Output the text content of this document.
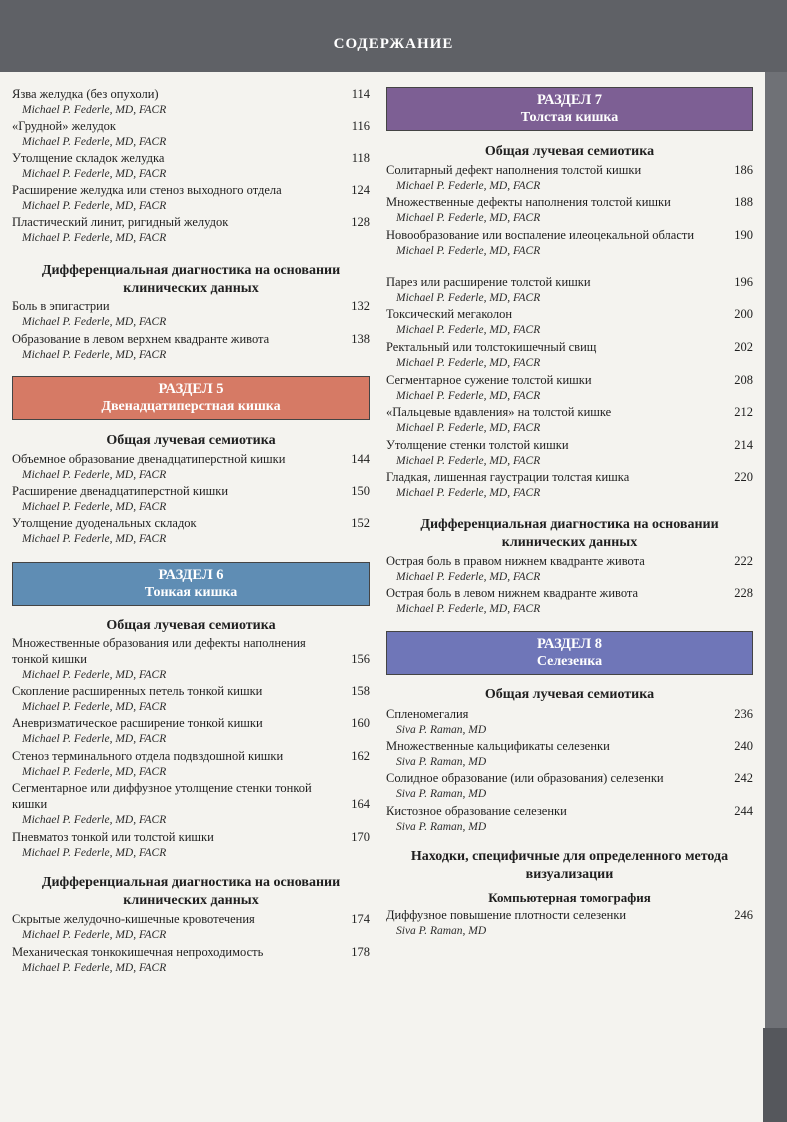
СОДЕРЖАНИЕ
Язва желудка (без опухоли)	114
Michael P. Federle, MD, FACR
«Грудной» желудок	116
Michael P. Federle, MD, FACR
Утолщение складок желудка	118
Michael P. Federle, MD, FACR
Расширение желудка или стеноз выходного отдела	124
Michael P. Federle, MD, FACR
Пластический линит, ригидный желудок	128
Michael P. Federle, MD, FACR
Дифференциальная диагностика на основании клинических данных
Боль в эпигастрии	132
Michael P. Federle, MD, FACR
Образование в левом верхнем квадранте живота	138
Michael P. Federle, MD, FACR
РАЗДЕЛ 5
Двенадцатиперстная кишка
Общая лучевая семиотика
Объемное образование двенадцатиперстной кишки	144
Michael P. Federle, MD, FACR
Расширение двенадцатиперстной кишки	150
Michael P. Federle, MD, FACR
Утолщение дуоденальных складок	152
Michael P. Federle, MD, FACR
РАЗДЕЛ 6
Тонкая кишка
Общая лучевая семиотика
Множественные образования или дефекты наполнения тонкой кишки	156
Michael P. Federle, MD, FACR
Скопление расширенных петель тонкой кишки	158
Michael P. Federle, MD, FACR
Аневризматическое расширение тонкой кишки	160
Michael P. Federle, MD, FACR
Стеноз терминального отдела подвздошной кишки	162
Michael P. Federle, MD, FACR
Сегментарное или диффузное утолщение стенки тонкой кишки	164
Michael P. Federle, MD, FACR
Пневматоз тонкой или толстой кишки	170
Michael P. Federle, MD, FACR
Дифференциальная диагностика на основании клинических данных
Скрытые желудочно-кишечные кровотечения	174
Michael P. Federle, MD, FACR
Механическая тонкокишечная непроходимость	178
Michael P. Federle, MD, FACR
РАЗДЕЛ 7
Толстая кишка
Общая лучевая семиотика
Солитарный дефект наполнения толстой кишки	186
Michael P. Federle, MD, FACR
Множественные дефекты наполнения толстой кишки	188
Michael P. Federle, MD, FACR
Новообразование или воспаление илеоцекальной области	190
Michael P. Federle, MD, FACR
Парез или расширение толстой кишки	196
Michael P. Federle, MD, FACR
Токсический мегаколон	200
Michael P. Federle, MD, FACR
Ректальный или толстокишечный свищ	202
Michael P. Federle, MD, FACR
Сегментарное сужение толстой кишки	208
Michael P. Federle, MD, FACR
«Пальцевые вдавления» на толстой кишке	212
Michael P. Federle, MD, FACR
Утолщение стенки толстой кишки	214
Michael P. Federle, MD, FACR
Гладкая, лишенная гаустрации толстая кишка	220
Michael P. Federle, MD, FACR
Дифференциальная диагностика на основании клинических данных
Острая боль в правом нижнем квадранте живота	222
Michael P. Federle, MD, FACR
Острая боль в левом нижнем квадранте живота	228
Michael P. Federle, MD, FACR
РАЗДЕЛ 8
Селезенка
Общая лучевая семиотика
Спленомегалия	236
Siva P. Raman, MD
Множественные кальцификаты селезенки	240
Siva P. Raman, MD
Солидное образование (или образования) селезенки	242
Siva P. Raman, MD
Кистозное образование селезенки	244
Siva P. Raman, MD
Находки, специфичные для определенного метода визуализации
Компьютерная томография
Диффузное повышение плотности селезенки	246
Siva P. Raman, MD
